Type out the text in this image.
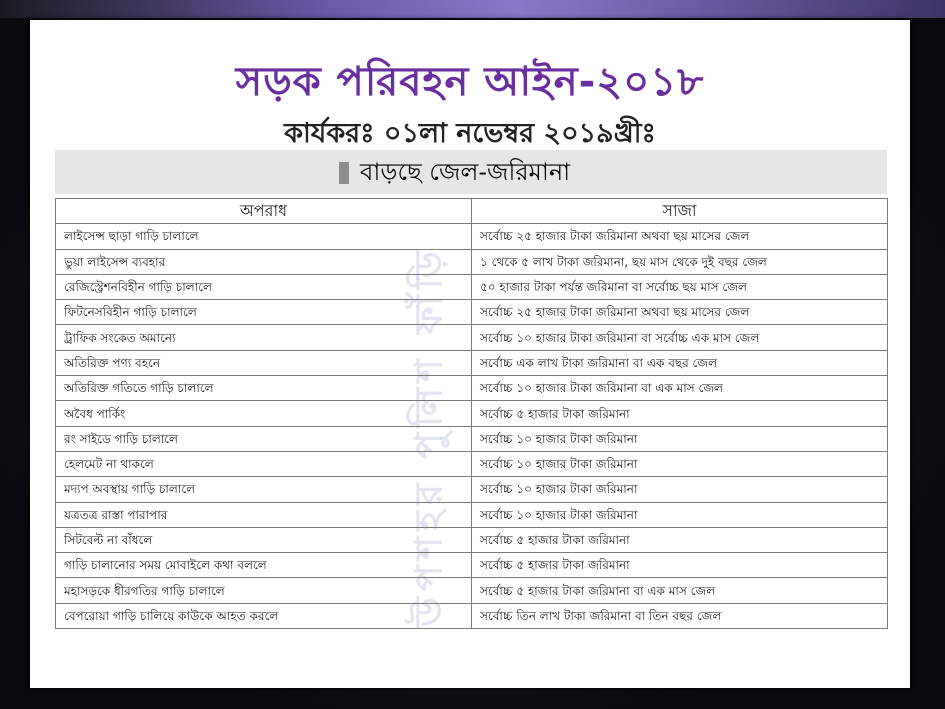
সড়ক পরিবহন আইন-২০১৮
কার্যকরঃ ০১লা নভেম্বর ২০১৯খ্রীঃ
বাড়ছে জেল-জরিমানা
উপশহর পুলিশ ফাঁড়ি
অপরাধ	সাজা
লাইসেন্স ছাড়া গাড়ি চালালে	সর্বোচ্চ ২৫ হাজার টাকা জরিমানা অথবা ছয় মাসের জেল
ভুয়া লাইসেন্স ব্যবহার	১ থেকে ৫ লাখ টাকা জরিমানা, ছয় মাস থেকে দুই বছর জেল
রেজিস্ট্রেশনবিহীন গাড়ি চালালে	৫০ হাজার টাকা পর্যন্ত জরিমানা বা সর্বোচ্চ ছয় মাস জেল
ফিটনেসবিহীন গাড়ি চালালে	সর্বোচ্চ ২৫ হাজার টাকা জরিমানা অথবা ছয় মাসের জেল
ট্রাফিক সংকেত অমান্যে	সর্বোচ্চ ১০ হাজার টাকা জরিমানা বা সর্বোচ্চ এক মাস জেল
অতিরিক্ত পণ্য বহনে	সর্বোচ্চ এক লাখ টাকা জরিমানা বা এক বছর জেল
অতিরিক্ত গতিতে গাড়ি চালালে	সর্বোচ্চ ১০ হাজার টাকা জরিমানা বা এক মাস জেল
অবৈধ পার্কিং	সর্বোচ্চ ৫ হাজার টাকা জরিমানা
রং সাইডে গাড়ি চালালে	সর্বোচ্চ ১০ হাজার টাকা জরিমানা
হেলমেট না থাকলে	সর্বোচ্চ ১০ হাজার টাকা জরিমানা
মদ্যপ অবস্থায় গাড়ি চালালে	সর্বোচ্চ ১০ হাজার টাকা জরিমানা
যত্রতত্র রাস্তা পারাপার	সর্বোচ্চ ১০ হাজার টাকা জরিমানা
সিটবেল্ট না বাঁধলে	সর্বোচ্চ ৫ হাজার টাকা জরিমানা
গাড়ি চালানোর সময় মোবাইলে কথা বললে	সর্বোচ্চ ৫ হাজার টাকা জরিমানা
মহাসড়কে ধীরগতির গাড়ি চালালে	সর্বোচ্চ ৫ হাজার টাকা জরিমানা বা এক মাস জেল
বেপরোয়া গাড়ি চালিয়ে কাউকে আহত করলে	সর্বোচ্চ তিন লাখ টাকা জরিমানা বা তিন বছর জেল
